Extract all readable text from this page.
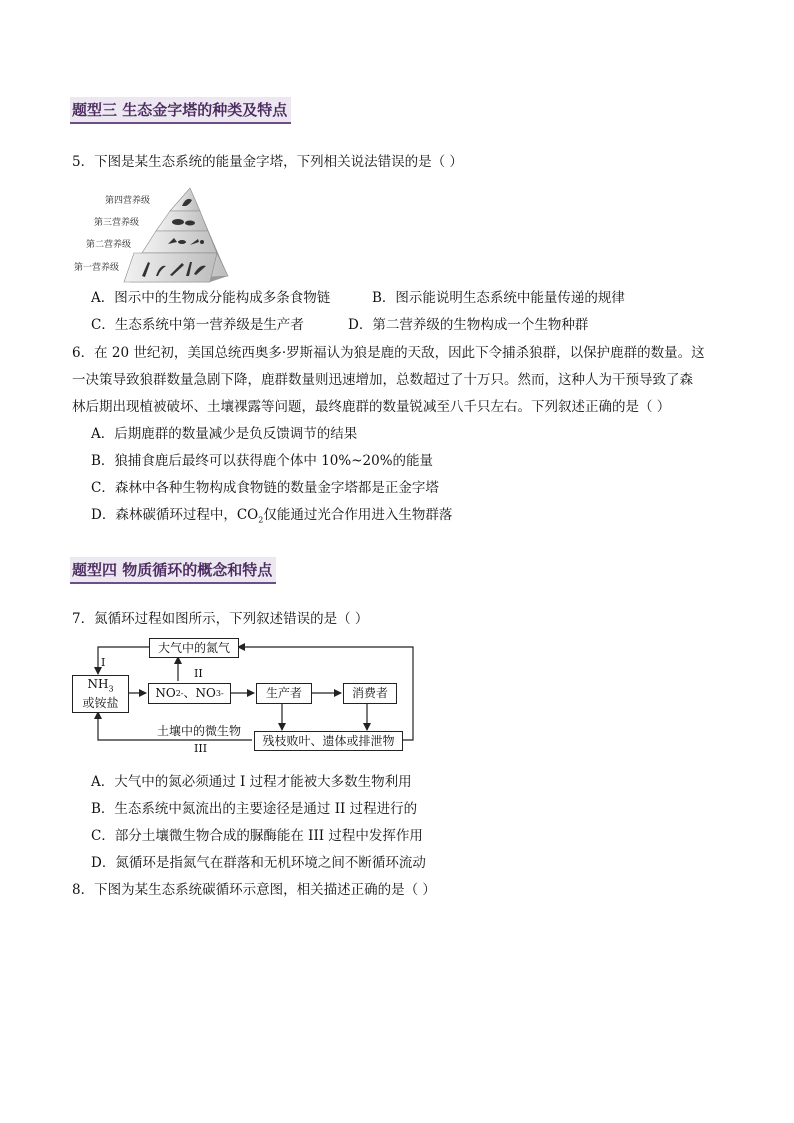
题型三 生态金字塔的种类及特点
5．下图是某生态系统的能量金字塔，下列相关说法错误的是（ ）
第四营养级
第三营养级
第二营养级
第一营养级
A．图示中的生物成分能构成多条食物链	B．图示能说明生态系统中能量传递的规律
C．生态系统中第一营养级是生产者	D．第二营养级的生物构成一个生物种群
6．在 20 世纪初，美国总统西奥多·罗斯福认为狼是鹿的天敌，因此下令捕杀狼群，以保护鹿群的数量。这
一决策导致狼群数量急剧下降，鹿群数量则迅速增加，总数超过了十万只。然而，这种人为干预导致了森
林后期出现植被破坏、土壤裸露等问题，最终鹿群的数量锐减至八千只左右。下列叙述正确的是（ ）
A．后期鹿群的数量减少是负反馈调节的结果
B．狼捕食鹿后最终可以获得鹿个体中 10%~20%的能量
C．森林中各种生物构成食物链的数量金字塔都是正金字塔
D．森林碳循环过程中，$CO_2$仅能通过光合作用进入生物群落
题型四 物质循环的概念和特点
7．氮循环过程如图所示，下列叙述错误的是（ ）
大气中的氮气
$NH_3$
或铵盐
NO 2 - 、NO 3 -	生产者	消费者
残枝败叶、遗体或排泄物
土壤中的微生物
I
II
III
A．大气中的氮必须通过 I 过程才能被大多数生物利用
B．生态系统中氮流出的主要途径是通过 II 过程进行的
C．部分土壤微生物合成的脲酶能在 III 过程中发挥作用
D．氮循环是指氮气在群落和无机环境之间不断循环流动
8．下图为某生态系统碳循环示意图，相关描述正确的是（ ）
